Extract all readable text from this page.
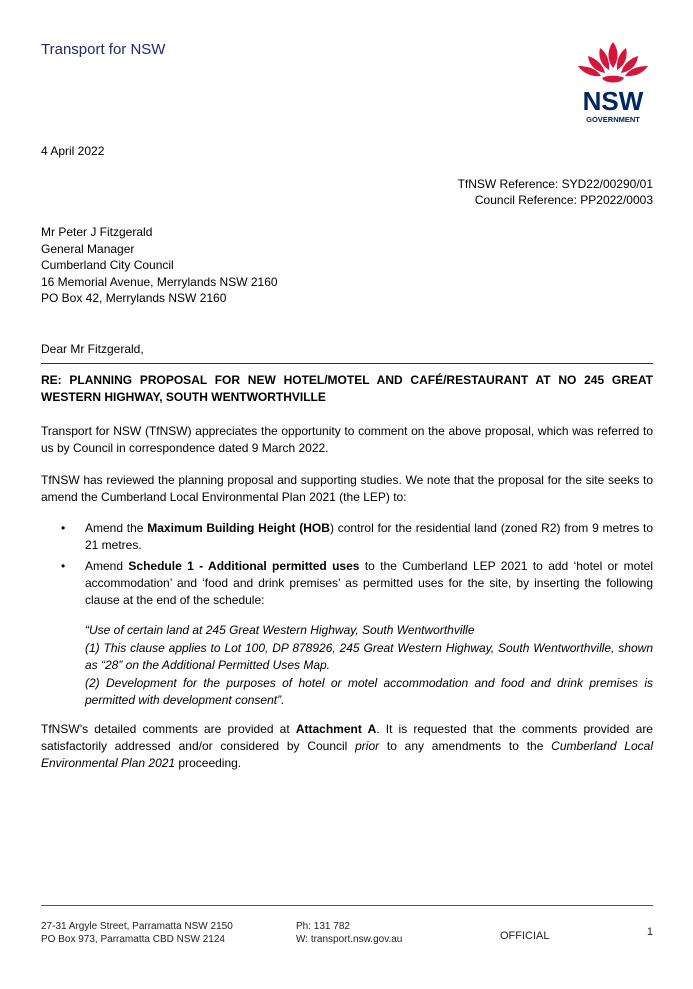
Transport for NSW
NSW
GOVERNMENT
4 April 2022
TfNSW Reference: SYD22/00290/01
Council Reference: PP2022/0003
Mr Peter J Fitzgerald
General Manager
Cumberland City Council
16 Memorial Avenue, Merrylands NSW 2160
PO Box 42, Merrylands NSW 2160
Dear Mr Fitzgerald,
RE: PLANNING PROPOSAL FOR NEW HOTEL/MOTEL AND CAFÉ/RESTAURANT AT NO 245 GREAT WESTERN HIGHWAY, SOUTH WENTWORTHVILLE
Transport for NSW (TfNSW) appreciates the opportunity to comment on the above proposal, which was referred to us by Council in correspondence dated 9 March 2022.
TfNSW has reviewed the planning proposal and supporting studies. We note that the proposal for the site seeks to amend the Cumberland Local Environmental Plan 2021 (the LEP) to:
• Amend the Maximum Building Height (HOB) control for the residential land (zoned R2) from 9 metres to 21 metres.
• Amend Schedule 1 - Additional permitted uses to the Cumberland LEP 2021 to add ‘hotel or motel accommodation’ and ‘food and drink premises’ as permitted uses for the site, by inserting the following clause at the end of the schedule:
“Use of certain land at 245 Great Western Highway, South Wentworthville
(1) This clause applies to Lot 100, DP 878926, 245 Great Western Highway, South Wentworthville, shown as “28” on the Additional Permitted Uses Map.
(2) Development for the purposes of hotel or motel accommodation and food and drink premises is permitted with development consent”.
TfNSW’s detailed comments are provided at Attachment A. It is requested that the comments provided are satisfactorily addressed and/or considered by Council prior to any amendments to the Cumberland Local Environmental Plan 2021 proceeding.
27-31 Argyle Street, Parramatta NSW 2150
PO Box 973, Parramatta CBD NSW 2124
Ph: 131 782
W: transport.nsw.gov.au	OFFICIAL	1
